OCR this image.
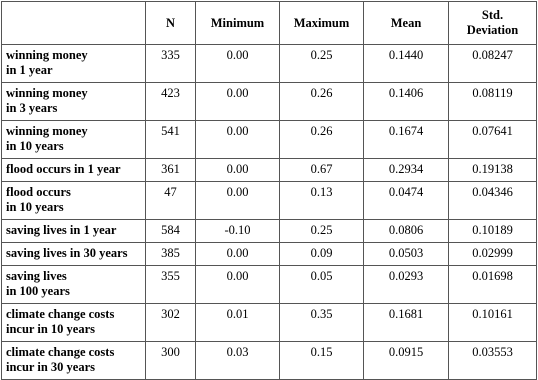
	N	Minimum	Maximum	Mean	Std.
Deviation
winning money
in 1 year	335	0.00	0.25	0.1440	0.08247
winning money
in 3 years	423	0.00	0.26	0.1406	0.08119
winning money
in 10 years	541	0.00	0.26	0.1674	0.07641
flood occurs in 1 year	361	0.00	0.67	0.2934	0.19138
flood occurs
in 10 years	47	0.00	0.13	0.0474	0.04346
saving lives in 1 year	584	-0.10	0.25	0.0806	0.10189
saving lives in 30 years	385	0.00	0.09	0.0503	0.02999
saving lives
in 100 years	355	0.00	0.05	0.0293	0.01698
climate change costs
incur in 10 years	302	0.01	0.35	0.1681	0.10161
climate change costs
incur in 30 years	300	0.03	0.15	0.0915	0.03553
